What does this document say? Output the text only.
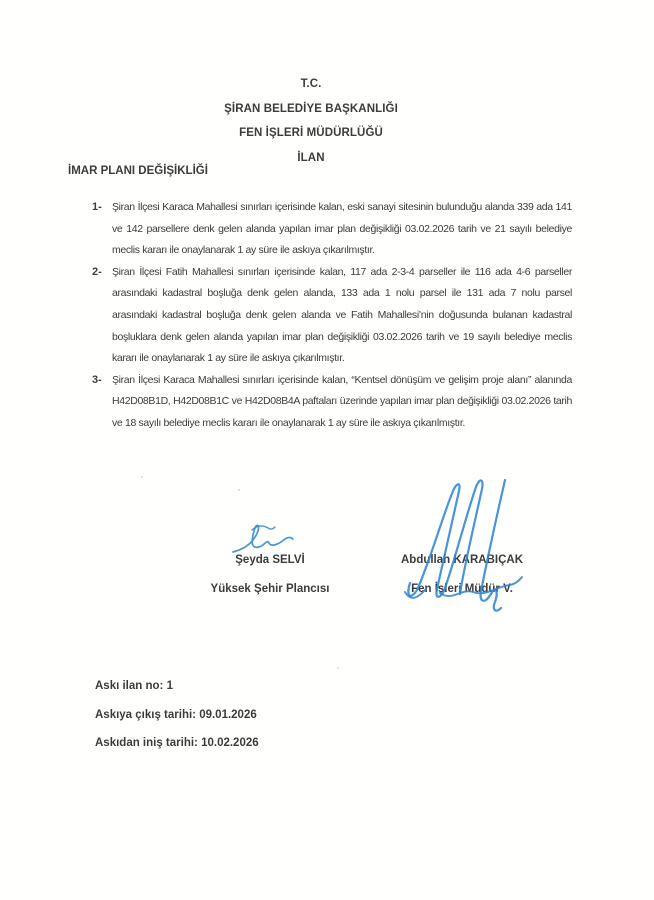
T.C.
ŞİRAN BELEDİYE BAŞKANLIĞI
FEN İŞLERİ MÜDÜRLÜĞÜ
İLAN
İMAR PLANI DEĞİŞİKLİĞİ
1- Şiran İlçesi Karaca Mahallesi sınırları içerisinde kalan, eski sanayi sitesinin bulunduğu alanda 339 ada 141 ve 142 parsellere denk gelen alanda yapılan imar plan değişikliği 03.02.2026 tarih ve 21 sayılı belediye meclis kararı ile onaylanarak 1 ay süre ile askıya çıkarılmıştır.
2- Şiran İlçesi Fatih Mahallesi sınırları içerisinde kalan, 117 ada 2-3-4 parseller ile 116 ada 4-6 parseller arasındaki kadastral boşluğa denk gelen alanda, 133 ada 1 nolu parsel ile 131 ada 7 nolu parsel arasındaki kadastral boşluğa denk gelen alanda ve Fatih Mahallesi’nin doğusunda bulanan kadastral boşluklara denk gelen alanda yapılan imar plan değişikliği 03.02.2026 tarih ve 19 sayılı belediye meclis kararı ile onaylanarak 1 ay süre ile askıya çıkarılmıştır.
3- Şiran İlçesi Karaca Mahallesi sınırları içerisinde kalan, “Kentsel dönüşüm ve gelişim proje alanı” alanında H42D08B1D, H42D08B1C ve H42D08B4A paftaları üzerinde yapılan imar plan değişikliği 03.02.2026 tarih ve 18 sayılı belediye meclis kararı ile onaylanarak 1 ay süre ile askıya çıkarılmıştır.
Şeyda SELVİ
Yüksek Şehir Plancısı
Abdullah KARABIÇAK
Fen İşleri Müdür V.
Askı ilan no: 1
Askıya çıkış tarihi: 09.01.2026
Askıdan iniş tarihi: 10.02.2026
